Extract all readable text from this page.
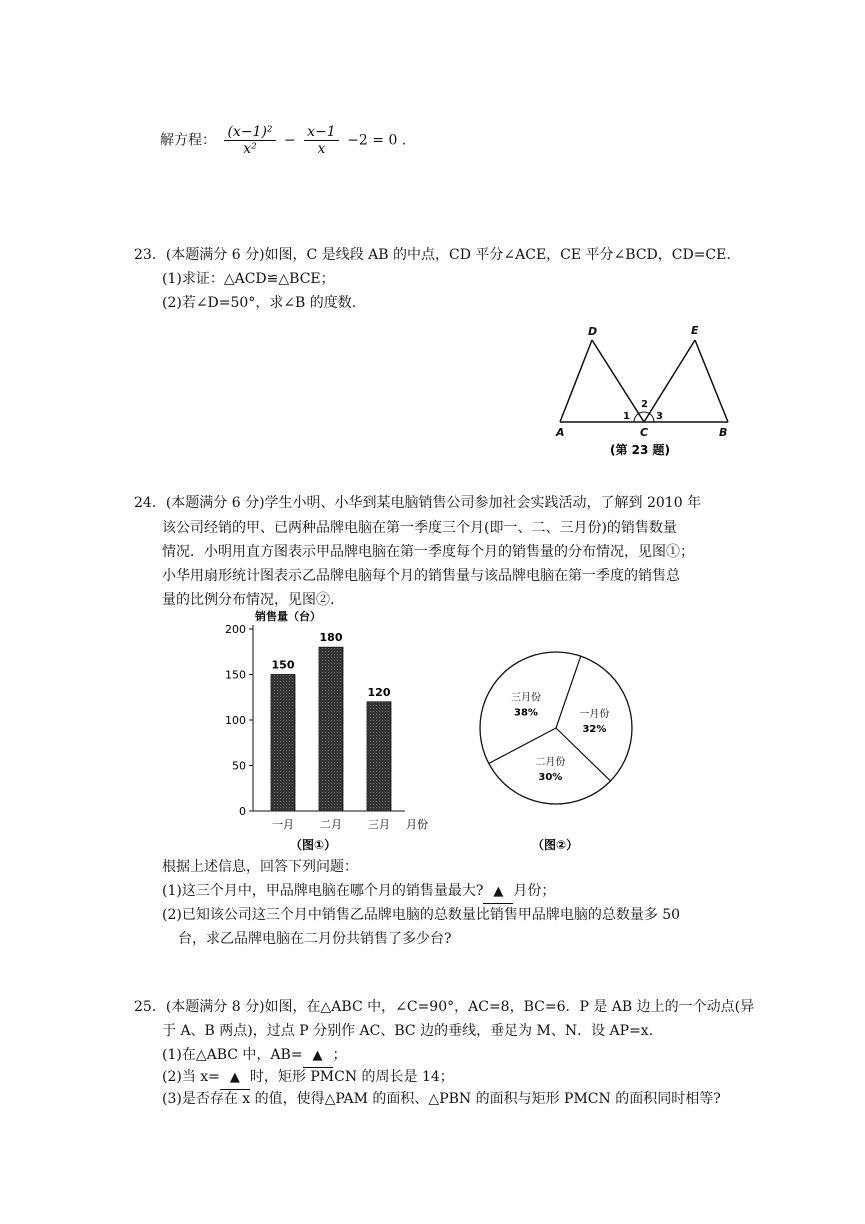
解方程： $\frac{\text{(x−1)²}}{\text{x²}} - \frac{x-1}{x} -2 = 0$ .
23．(本题满分 6 分)如图，C 是线段 AB 的中点，CD 平分∠ACE，CE 平分∠BCD，CD=CE.
(1)求证：△ACD≌△BCE；
(2)若∠D=50°，求∠B 的度数.
D	E
A	C	B
1
2
3
(第 23 题)
24．(本题满分 6 分)学生小明、小华到某电脑销售公司参加社会实践活动，了解到 2010 年
该公司经销的甲、已两种品牌电脑在第一季度三个月(即一、二、三月份)的销售数量
情况．小明用直方图表示甲品牌电脑在第一季度每个月的销售量的分布情况，见图①；
小华用扇形统计图表示乙品牌电脑每个月的销售量与该品牌电脑在第一季度的销售总
量的比例分布情况，见图②.
销售量（台）
0
50
100
150
200
150
一月
180
二月
120
三月 月份
（图①）
一月份
32%
二月份
30%
三月份
38%
（图②）
根据上述信息，回答下列问题：
(1)这三个月中，甲品牌电脑在哪个月的销售量最大? ▲ 月份；
(2)已知该公司这三个月中销售乙品牌电脑的总数量比销售甲品牌电脑的总数量多 50
台，求乙品牌电脑在二月份共销售了多少台?
25．(本题满分 8 分)如图，在△ABC 中，∠C=90°，AC=8，BC=6．P 是 AB 边上的一个动点(异
于 A、B 两点)，过点 P 分别作 AC、BC 边的垂线，垂足为 M、N．设 AP=x.
(1)在△ABC 中，AB= ▲ ；
(2)当 x= ▲ 时，矩形 PMCN 的周长是 14；
(3)是否存在 x 的值，使得△PAM 的面积、△PBN 的面积与矩形 PMCN 的面积同时相等?
